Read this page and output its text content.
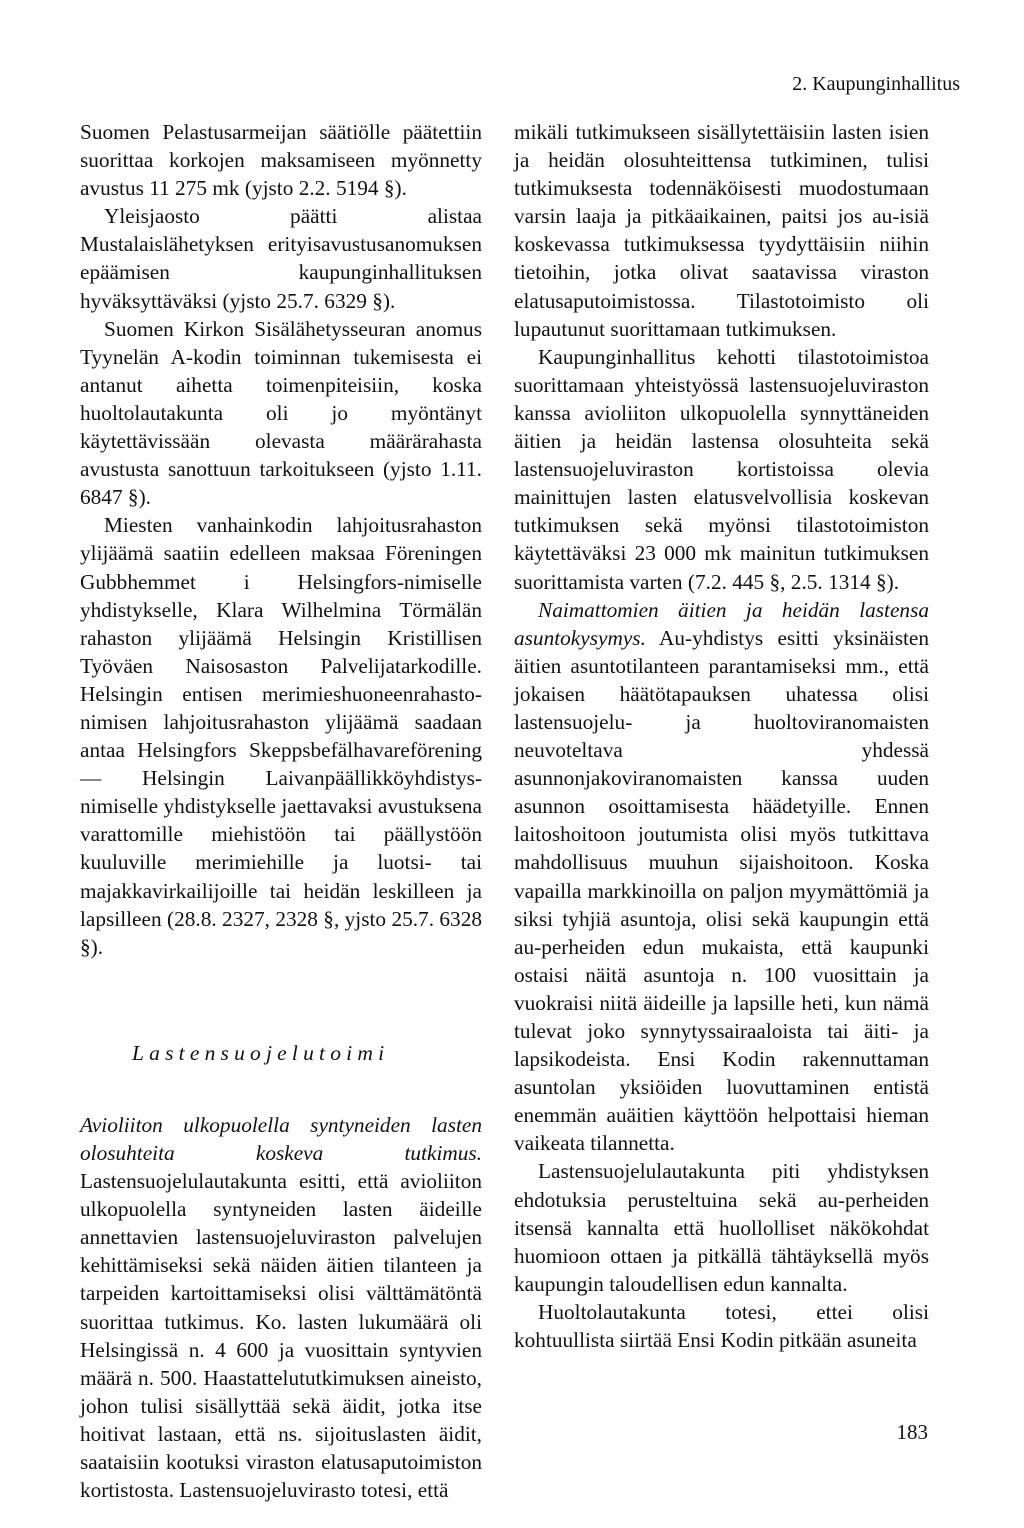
2. Kaupunginhallitus

Suomen Pelastusarmeijan säätiölle päätettiin suorittaa korkojen maksamiseen myönnetty avustus 11 275 mk (yjsto 2.2. 5194 §).

Yleisjaosto päätti alistaa Mustalaislähetyksen erityisavustusanomuksen epäämisen kaupunginhallituksen hyväksyttäväksi (yjsto 25.7. 6329 §).

Suomen Kirkon Sisälähetysseuran anomus Tyynelän A-kodin toiminnan tukemisesta ei antanut aihetta toimenpiteisiin, koska huoltolautakunta oli jo myöntänyt käytettävissään olevasta määrärahasta avustusta sanottuun tarkoitukseen (yjsto 1.11. 6847 §).

Miesten vanhainkodin lahjoitusrahaston ylijäämä saatiin edelleen maksaa Föreningen Gubbhemmet i Helsingfors-nimiselle yhdistykselle, Klara Wilhelmina Törmälän rahaston ylijäämä Helsingin Kristillisen Työväen Naisosaston Palvelijatarkodille. Helsingin entisen merimieshuoneenrahasto-nimisen lahjoitusrahaston ylijäämä saadaan antaa Helsingfors Skeppsbefälhavareförening — Helsingin Laivanpäällikköyhdistys-nimiselle yhdistykselle jaettavaksi avustuksena varattomille miehistöön tai päällystöön kuuluville merimiehille ja luotsi- tai majakkavirkailijoille tai heidän leskilleen ja lapsilleen (28.8. 2327, 2328 §, yjsto 25.7. 6328 §).

Lastensuojelutoimi

Avioliiton ulkopuolella syntyneiden lasten olosuhteita koskeva tutkimus. Lastensuojelulautakunta esitti, että avioliiton ulkopuolella syntyneiden lasten äideille annettavien lastensuojeluviraston palvelujen kehittämiseksi sekä näiden äitien tilanteen ja tarpeiden kartoittamiseksi olisi välttämätöntä suorittaa tutkimus. Ko. lasten lukumäärä oli Helsingissä n. 4 600 ja vuosittain syntyvien määrä n. 500. Haastattelututkimuksen aineisto, johon tulisi sisällyttää sekä äidit, jotka itse hoitivat lastaan, että ns. sijoituslasten äidit, saataisiin kootuksi viraston elatusaputoimiston kortistosta. Lastensuojeluvirasto totesi, että

mikäli tutkimukseen sisällytettäisiin lasten isien ja heidän olosuhteittensa tutkiminen, tulisi tutkimuksesta todennäköisesti muodostumaan varsin laaja ja pitkäaikainen, paitsi jos au-isiä koskevassa tutkimuksessa tyydyttäisiin niihin tietoihin, jotka olivat saatavissa viraston elatusaputoimistossa. Tilastotoimisto oli lupautunut suorittamaan tutkimuksen.

Kaupunginhallitus kehotti tilastotoimistoa suorittamaan yhteistyössä lastensuojeluviraston kanssa avioliiton ulkopuolella synnyttäneiden äitien ja heidän lastensa olosuhteita sekä lastensuojeluviraston kortistoissa olevia mainittujen lasten elatusvelvollisia koskevan tutkimuksen sekä myönsi tilastotoimiston käytettäväksi 23 000 mk mainitun tutkimuksen suorittamista varten (7.2. 445 §, 2.5. 1314 §).

Naimattomien äitien ja heidän lastensa asuntokysymys. Au-yhdistys esitti yksinäisten äitien asuntotilanteen parantamiseksi mm., että jokaisen häätötapauksen uhatessa olisi lastensuojelu- ja huoltoviranomaisten neuvoteltava yhdessä asunnonjakoviranomaisten kanssa uuden asunnon osoittamisesta häädetyille. Ennen laitoshoitoon joutumista olisi myös tutkittava mahdollisuus muuhun sijaishoitoon. Koska vapailla markkinoilla on paljon myymättömiä ja siksi tyhjiä asuntoja, olisi sekä kaupungin että au-perheiden edun mukaista, että kaupunki ostaisi näitä asuntoja n. 100 vuosittain ja vuokraisi niitä äideille ja lapsille heti, kun nämä tulevat joko synnytyssairaaloista tai äiti- ja lapsikodeista. Ensi Kodin rakennuttaman asuntolan yksiöiden luovuttaminen entistä enemmän auäitien käyttöön helpottaisi hieman vaikeata tilannetta.

Lastensuojelulautakunta piti yhdistyksen ehdotuksia perusteltuina sekä au-perheiden itsensä kannalta että huollolliset näkökohdat huomioon ottaen ja pitkällä tähtäyksellä myös kaupungin taloudellisen edun kannalta.

Huoltolautakunta totesi, ettei olisi kohtuullista siirtää Ensi Kodin pitkään asuneita

183
